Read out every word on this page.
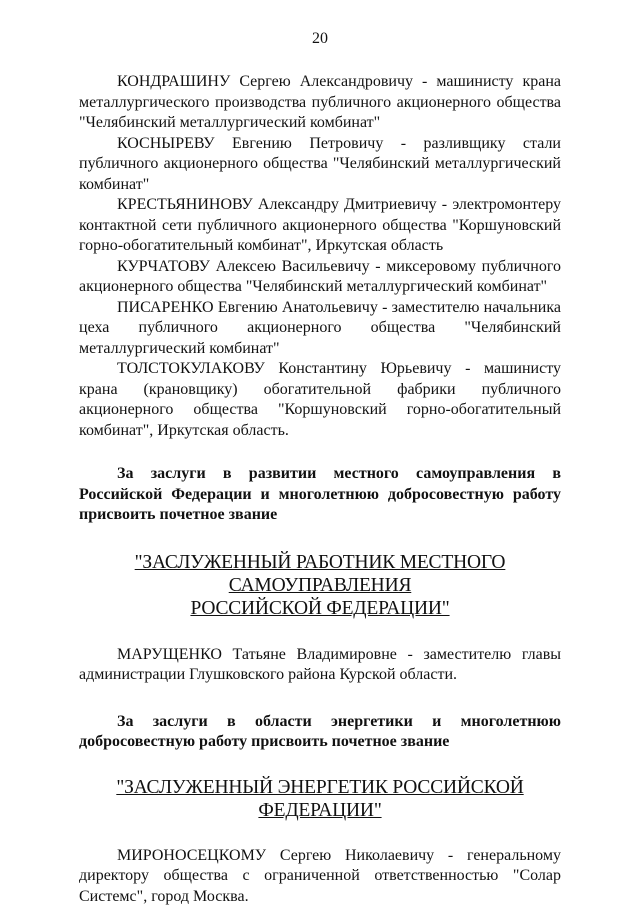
20

КОНДРАШИНУ Сергею Александровичу - машинисту крана металлургического производства публичного акционерного общества "Челябинский металлургический комбинат"

КОСНЫРЕВУ Евгению Петровичу - разливщику стали публичного акционерного общества "Челябинский металлургический комбинат"

КРЕСТЬЯНИНОВУ Александру Дмитриевичу - электромонтеру контактной сети публичного акционерного общества "Коршуновский горно-обогатительный комбинат", Иркутская область

КУРЧАТОВУ Алексею Васильевичу - миксеровому публичного акционерного общества "Челябинский металлургический комбинат"

ПИСАРЕНКО Евгению Анатольевичу - заместителю начальника цеха публичного акционерного общества "Челябинский металлургический комбинат"

ТОЛСТОКУЛАКОВУ Константину Юрьевичу - машинисту крана (крановщику) обогатительной фабрики публичного акционерного общества "Коршуновский горно-обогатительный комбинат", Иркутская область.

За заслуги в развитии местного самоуправления в Российской Федерации и многолетнюю добросовестную работу присвоить почетное звание

"ЗАСЛУЖЕННЫЙ РАБОТНИК МЕСТНОГО САМОУПРАВЛЕНИЯ

РОССИЙСКОЙ ФЕДЕРАЦИИ"

МАРУЩЕНКО Татьяне Владимировне - заместителю главы администрации Глушковского района Курской области.

За заслуги в области энергетики и многолетнюю добросовестную работу присвоить почетное звание

"ЗАСЛУЖЕННЫЙ ЭНЕРГЕТИК РОССИЙСКОЙ ФЕДЕРАЦИИ"

МИРОНОСЕЦКОМУ Сергею Николаевичу - генеральному директору общества с ограниченной ответственностью "Солар Системс", город Москва.
